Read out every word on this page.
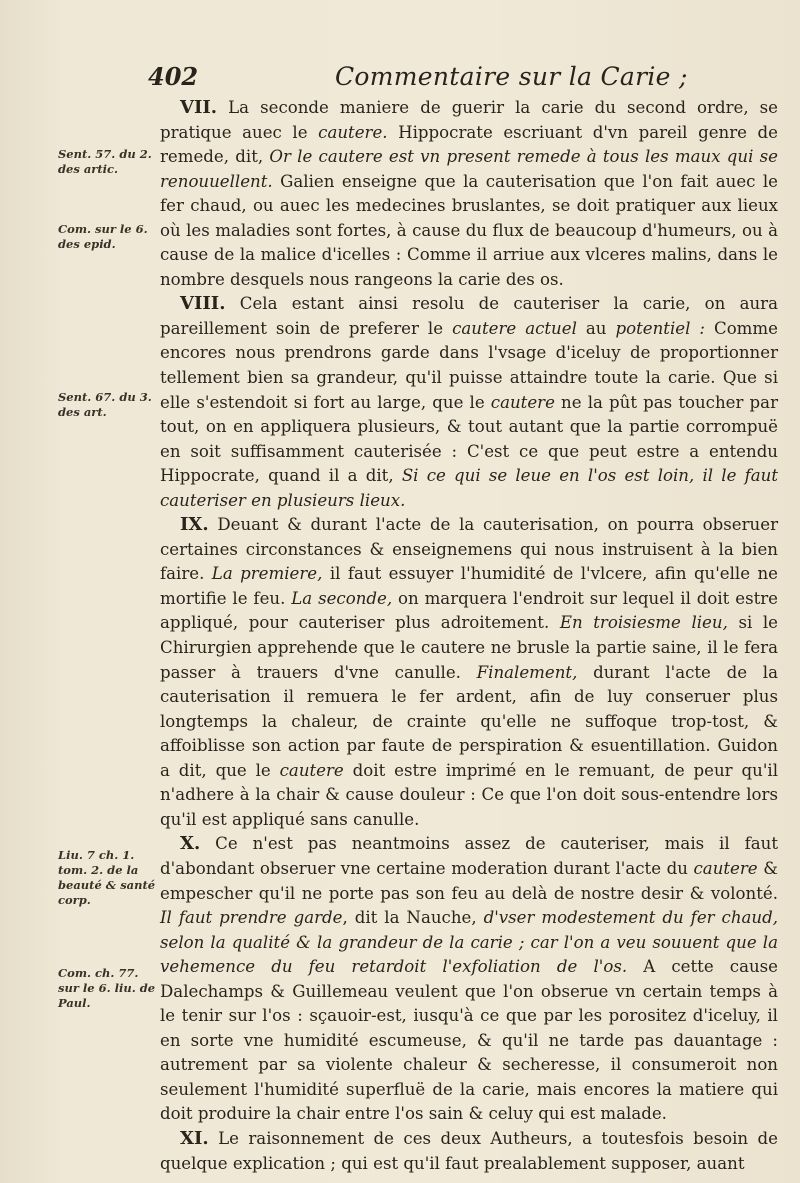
402	Commentaire sur la Carie ;
Sent. 57. du 2. des artic.
Com. sur le 6. des epid.
Sent. 67. du 3. des art.
Liu. 7 ch. 1. tom. 2. de la beauté & santé corp.
Com. ch. 77. sur le 6. liu. de Paul.

VII. La seconde maniere de guerir la carie du second ordre, se pratique auec le cautere. Hippocrate escriuant d'vn pareil genre de remede, dit, Or le cautere est vn present remede à tous les maux qui se renouuellent. Galien enseigne que la cauterisation que l'on fait auec le fer chaud, ou auec les medecines bruslantes, se doit pratiquer aux lieux où les maladies sont fortes, à cause du flux de beaucoup d'humeurs, ou à cause de la malice d'icelles : Comme il arriue aux vlceres malins, dans le nombre desquels nous rangeons la carie des os.

VIII. Cela estant ainsi resolu de cauteriser la carie, on aura pareillement soin de preferer le cautere actuel au potentiel : Comme encores nous prendrons garde dans l'vsage d'iceluy de proportionner tellement bien sa grandeur, qu'il puisse attaindre toute la carie. Que si elle s'estendoit si fort au large, que le cautere ne la pût pas toucher par tout, on en appliquera plusieurs, & tout autant que la partie corrompuë en soit suffisamment cauterisée : C'est ce que peut estre a entendu Hippocrate, quand il a dit, Si ce qui se leue en l'os est loin, il le faut cauteriser en plusieurs lieux.

IX. Deuant & durant l'acte de la cauterisation, on pourra obseruer certaines circonstances & enseignemens qui nous instruisent à la bien faire. La premiere, il faut essuyer l'humidité de l'vlcere, afin qu'elle ne mortifie le feu. La seconde, on marquera l'endroit sur lequel il doit estre appliqué, pour cauteriser plus adroitement. En troisiesme lieu, si le Chirurgien apprehende que le cautere ne brusle la partie saine, il le fera passer à trauers d'vne canulle. Finalement, durant l'acte de la cauterisation il remuera le fer ardent, afin de luy conseruer plus longtemps la chaleur, de crainte qu'elle ne suffoque trop-tost, & affoiblisse son action par faute de perspiration & esuentillation. Guidon a dit, que le cautere doit estre imprimé en le remuant, de peur qu'il n'adhere à la chair & cause douleur : Ce que l'on doit sous-entendre lors qu'il est appliqué sans canulle.

X. Ce n'est pas neantmoins assez de cauteriser, mais il faut d'abondant obseruer vne certaine moderation durant l'acte du cautere & empescher qu'il ne porte pas son feu au delà de nostre desir & volonté. Il faut prendre garde, dit la Nauche, d'vser modestement du fer chaud, selon la qualité & la grandeur de la carie ; car l'on a veu souuent que la vehemence du feu retardoit l'exfoliation de l'os. A cette cause Dalechamps & Guillemeau veulent que l'on obserue vn certain temps à le tenir sur l'os : sçauoir-est, iusqu'à ce que par les porositez d'iceluy, il en sorte vne humidité escumeuse, & qu'il ne tarde pas dauantage : autrement par sa violente chaleur & secheresse, il consumeroit non seulement l'humidité superfluë de la carie, mais encores la matiere qui doit produire la chair entre l'os sain & celuy qui est malade.

XI. Le raisonnement de ces deux Autheurs, a toutesfois besoin de quelque explication ; qui est qu'il faut prealablement supposer, auant
